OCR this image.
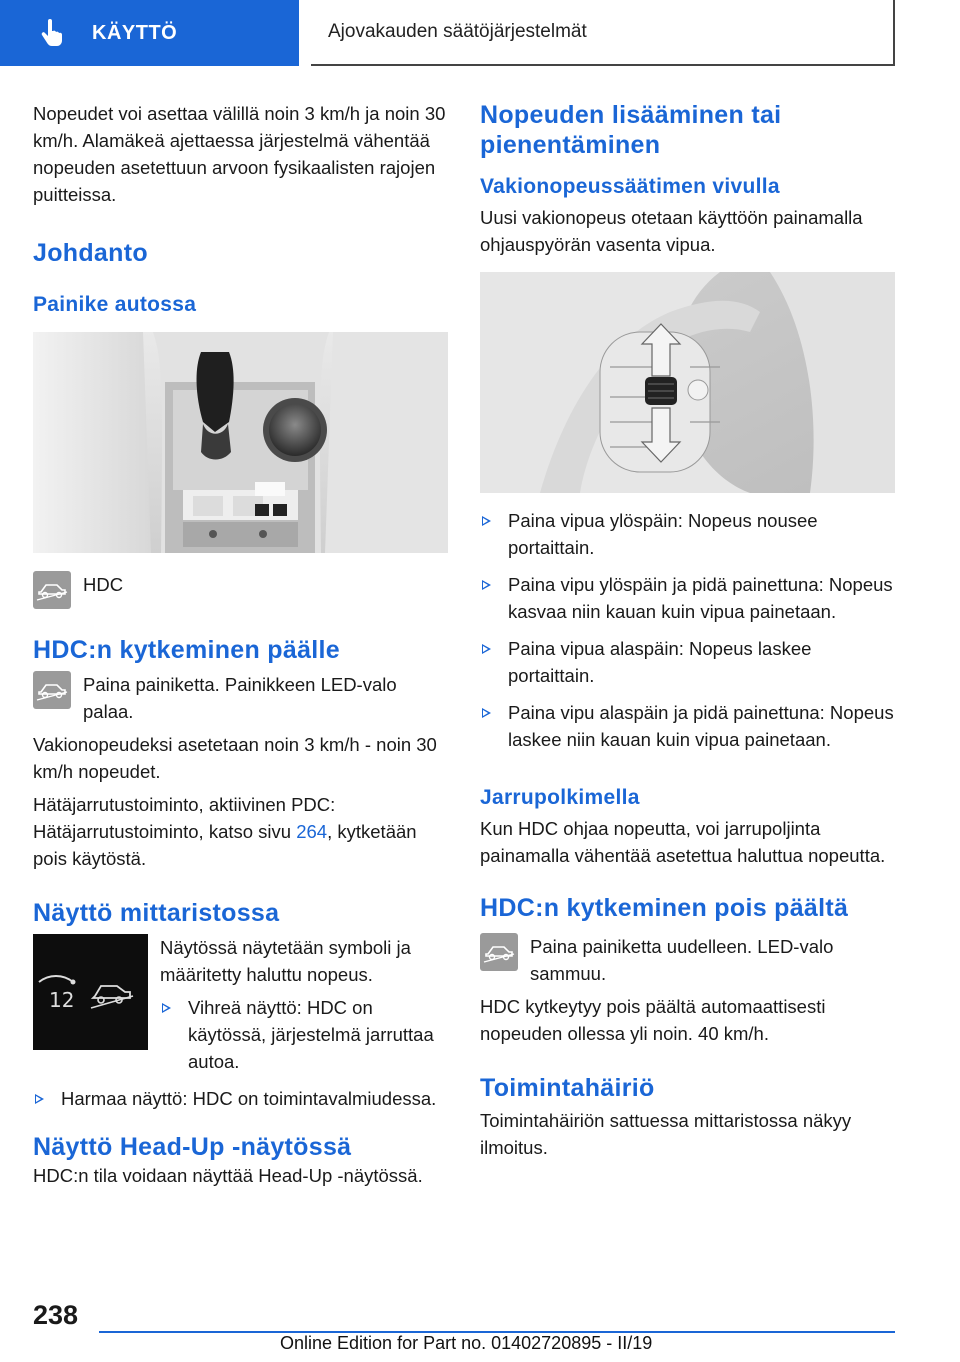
KÄYTTÖ	Ajovakauden säätöjärjestelmät

Nopeudet voi asettaa välillä noin 3 km/h ja noin 30 km/h. Alamäkeä ajettaessa järjestelmä vähentää nopeuden asetettuun arvoon fysikaalisten rajojen puitteissa.

Johdanto
Painike autossa

HDC

HDC:n kytkeminen päälle

Paina painiketta. Painikkeen LED-valo palaa.

Vakionopeudeksi asetetaan noin 3 km/h - noin 30 km/h nopeudet.

Hätäjarrutustoiminto, aktiivinen PDC: Hätäjarrutustoiminto, katso sivu 264, kytketään pois käytöstä.

Näyttö mittaristossa
12

Näytössä näytetään symboli ja määritetty haluttu nopeus.

Vihreä näyttö: HDC on käytössä, järjestelmä jarruttaa autoa.
Harmaa näyttö: HDC on toimintavalmiudessa.
Näyttö Head-Up -näytössä

HDC:n tila voidaan näyttää Head-Up -näytössä.

Nopeuden lisääminen tai pienentäminen
Vakionopeussäätimen vivulla

Uusi vakionopeus otetaan käyttöön painamalla ohjauspyörän vasenta vipua.

Paina vipua ylöspäin: Nopeus nousee portaittain.
Paina vipu ylöspäin ja pidä painettuna: Nopeus kasvaa niin kauan kuin vipua painetaan.
Paina vipua alaspäin: Nopeus laskee portaittain.
Paina vipu alaspäin ja pidä painettuna: Nopeus laskee niin kauan kuin vipua painetaan.
Jarrupolkimella

Kun HDC ohjaa nopeutta, voi jarrupoljinta painamalla vähentää asetettua haluttua nopeutta.

HDC:n kytkeminen pois päältä

Paina painiketta uudelleen. LED-valo sammuu.

HDC kytkeytyy pois päältä automaattisesti nopeuden ollessa yli noin. 40 km/h.

Toimintahäiriö

Toimintahäiriön sattuessa mittaristossa näkyy ilmoitus.

238
Online Edition for Part no. 01402720895 - II/19
